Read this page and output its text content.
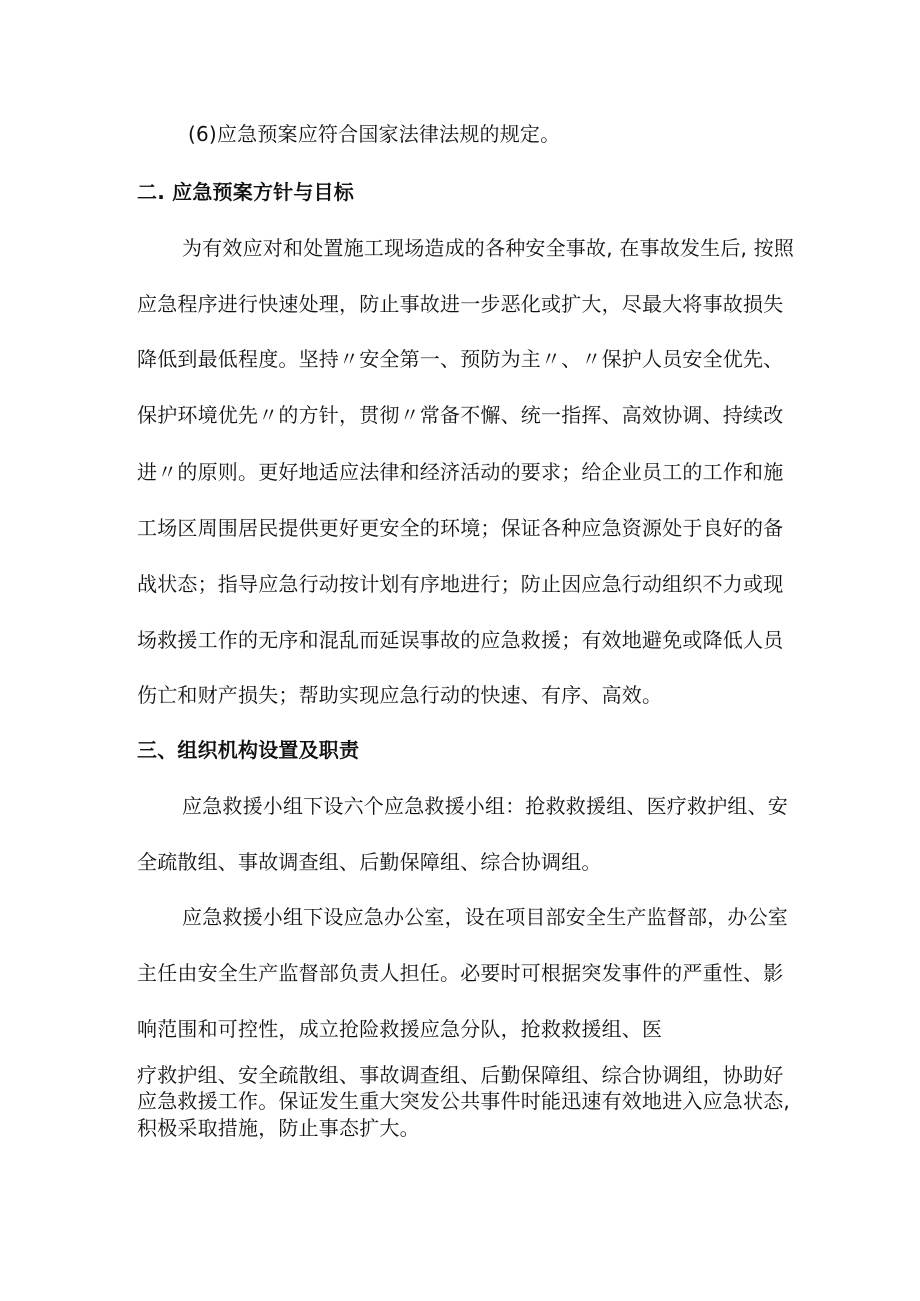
(6)应急预案应符合国家法律法规的规定。

二. 应急预案方针与目标

为有效应对和处置施工现场造成的各种安全事故, 在事故发生后, 按照

应急程序进行快速处理，防止事故进一步恶化或扩大，尽最大将事故损失

降低到最低程度。坚持〃安全第一、预防为主〃、〃保护人员安全优先、

保护环境优先〃的方针，贯彻〃常备不懈、统一指挥、高效协调、持续改

进〃的原则。更好地适应法律和经济活动的要求；给企业员工的工作和施

工场区周围居民提供更好更安全的环境；保证各种应急资源处于良好的备

战状态；指导应急行动按计划有序地进行；防止因应急行动组织不力或现

场救援工作的无序和混乱而延误事故的应急救援；有效地避免或降低人员

伤亡和财产损失；帮助实现应急行动的快速、有序、高效。

三、组织机构设置及职责

应急救援小组下设六个应急救援小组：抢救救援组、医疗救护组、安

全疏散组、事故调查组、后勤保障组、综合协调组。

应急救援小组下设应急办公室，设在项目部安全生产监督部，办公室

主任由安全生产监督部负责人担任。必要时可根据突发事件的严重性、影

响范围和可控性，成立抢险救援应急分队，抢救救援组、医

疗救护组、安全疏散组、事故调查组、后勤保障组、综合协调组，协助好

应急救援工作。保证发生重大突发公共事件时能迅速有效地进入应急状态,

积极采取措施，防止事态扩大。
